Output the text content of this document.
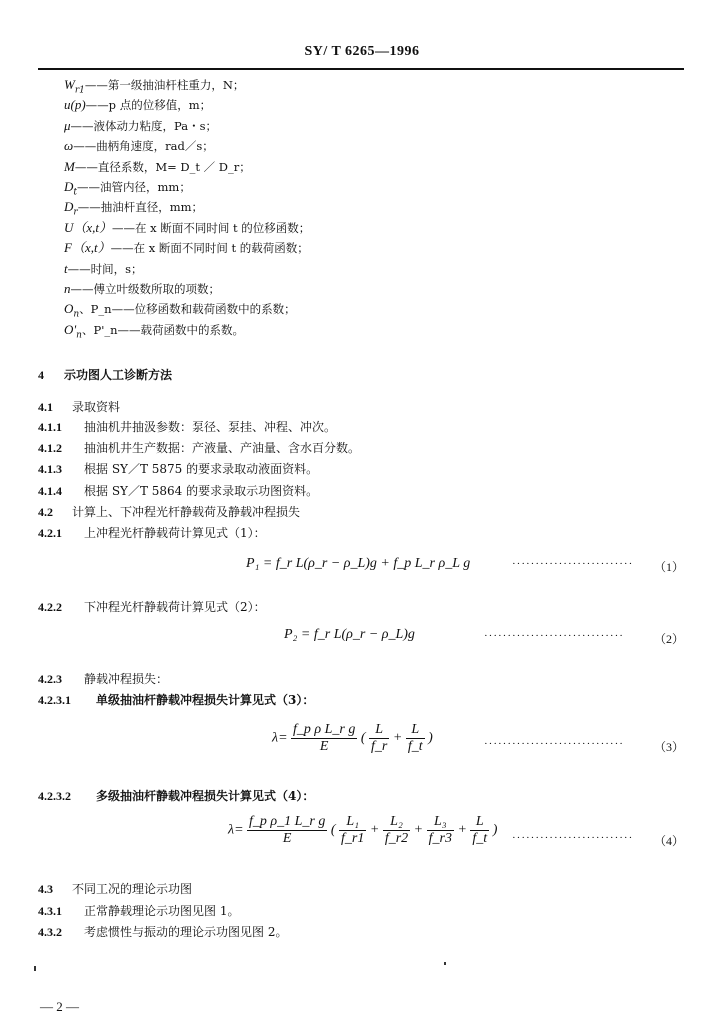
SY/ T 6265—1996
$W_{r1}——$第一级抽油杆柱重力，N；
u(p)——p 点的位移值，m；
μ——液体动力粘度，Pa・s；
ω——曲柄角速度，rad／s；
M——直径系数，M= D_t ／ D_r；
$D_t——$油管内径，mm；
$D_r——$抽油杆直径，mm；
U（x,t）——在 x 断面不同时间 t 的位移函数；
F（x,t）——在 x 断面不同时间 t 的载荷函数；
t——时间，s；
n——傅立叶级数所取的项数；
$O_n$、P_n——位移函数和载荷函数中的系数；
$O'_n$、P'_n——载荷函数中的系数。
4 示功图人工诊断方法
4.1 录取资料
4.1.1 抽油机井抽汲参数：泵径、泵挂、冲程、冲次。
4.1.2 抽油机井生产数据：产液量、产油量、含水百分数。
4.1.3 根据 SY／T 5875 的要求录取动液面资料。
4.1.4 根据 SY／T 5864 的要求录取示功图资料。
4.2 计算上、下冲程光杆静载荷及静载冲程损失
4.2.1 上冲程光杆静载荷计算见式（1）：
P₁ = f_r L(ρ_r − ρ_L)g + f_p L_r ρ_L g	·························· （1）
4.2.2 下冲程光杆静载荷计算见式（2）：
P₂ = f_r L(ρ_r − ρ_L)g	······························	（2）
4.2.3 静载冲程损失：
4.2.3.1 单级抽油杆静载冲程损失计算见式（3）：
$\lambda= \frac{\text{f\_p ρ L\_r g}}{E}$ ( $\frac{L}{f\_r} + \frac{L}{f\_t}$ )	······························	（3）
4.2.3.2 多级抽油杆静载冲程损失计算见式（4）：
$\lambda= \frac{\text{f\_p ρ\_1 L\_r g}}{E}$ ( $\frac{\text{L₁}}{f\_r1} + \frac{\text{L₂}}{f\_r2} + \frac{\text{L₃}}{f\_r3} + \frac{L}{f\_t}$ )
·························· （4）
4.3 不同工况的理论示功图
4.3.1 正常静载理论示功图见图 1。
4.3.2 考虑惯性与振动的理论示功图见图 2。
— 2 —
